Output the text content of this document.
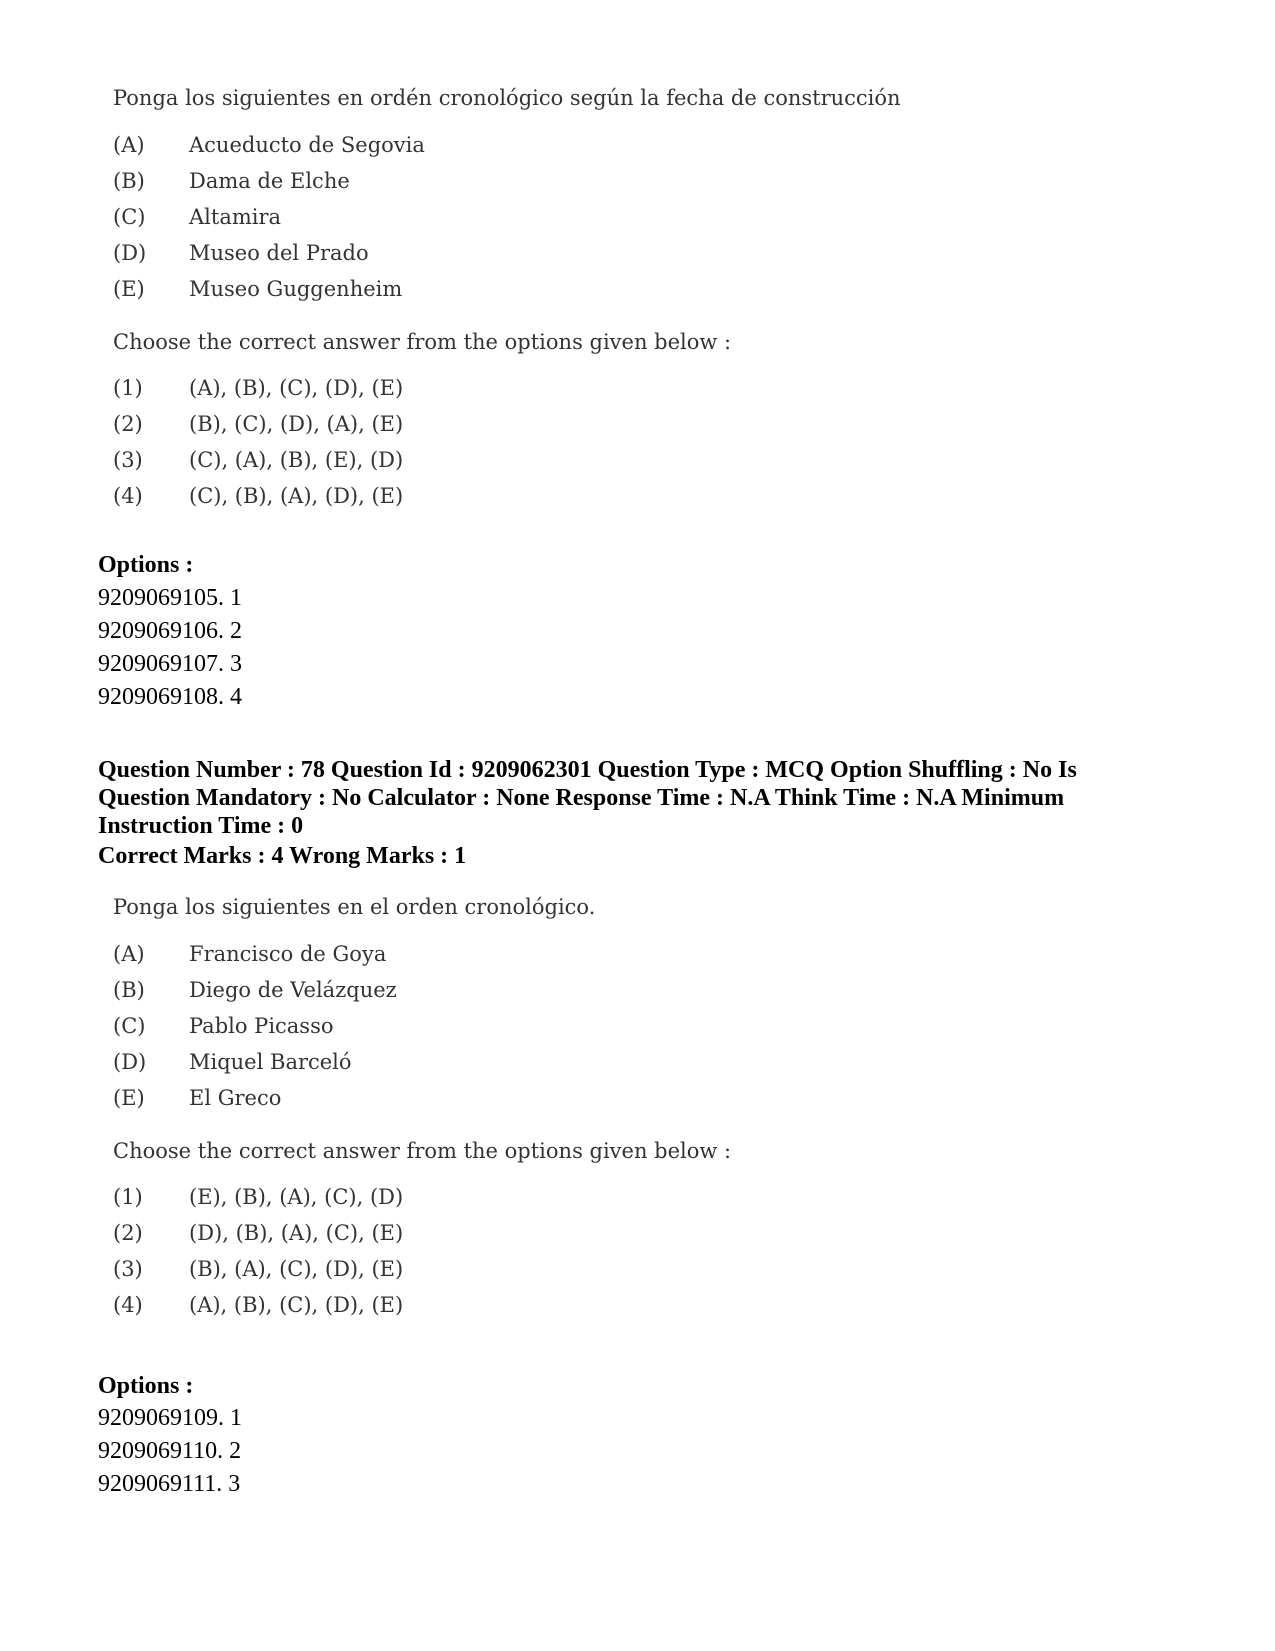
Ponga los siguientes en ordén cronológico según la fecha de construcción
(A)	Acueducto de Segovia
(B)	Dama de Elche
(C)	Altamira
(D)	Museo del Prado
(E)	Museo Guggenheim
Choose the correct answer from the options given below :
(1)	(A), (B), (C), (D), (E)
(2)	(B), (C), (D), (A), (E)
(3)	(C), (A), (B), (E), (D)
(4)	(C), (B), (A), (D), (E)
Options :
9209069105. 1
9209069106. 2
9209069107. 3
9209069108. 4
Question Number : 78 Question Id : 9209062301 Question Type : MCQ Option Shuffling : No Is
Question Mandatory : No Calculator : None Response Time : N.A Think Time : N.A Minimum
Instruction Time : 0
Correct Marks : 4 Wrong Marks : 1
Ponga los siguientes en el orden cronológico.
(A)	Francisco de Goya
(B)	Diego de Velázquez
(C)	Pablo Picasso
(D)	Miquel Barceló
(E)	El Greco
Choose the correct answer from the options given below :
(1)	(E), (B), (A), (C), (D)
(2)	(D), (B), (A), (C), (E)
(3)	(B), (A), (C), (D), (E)
(4)	(A), (B), (C), (D), (E)
Options :
9209069109. 1
9209069110. 2
9209069111. 3
